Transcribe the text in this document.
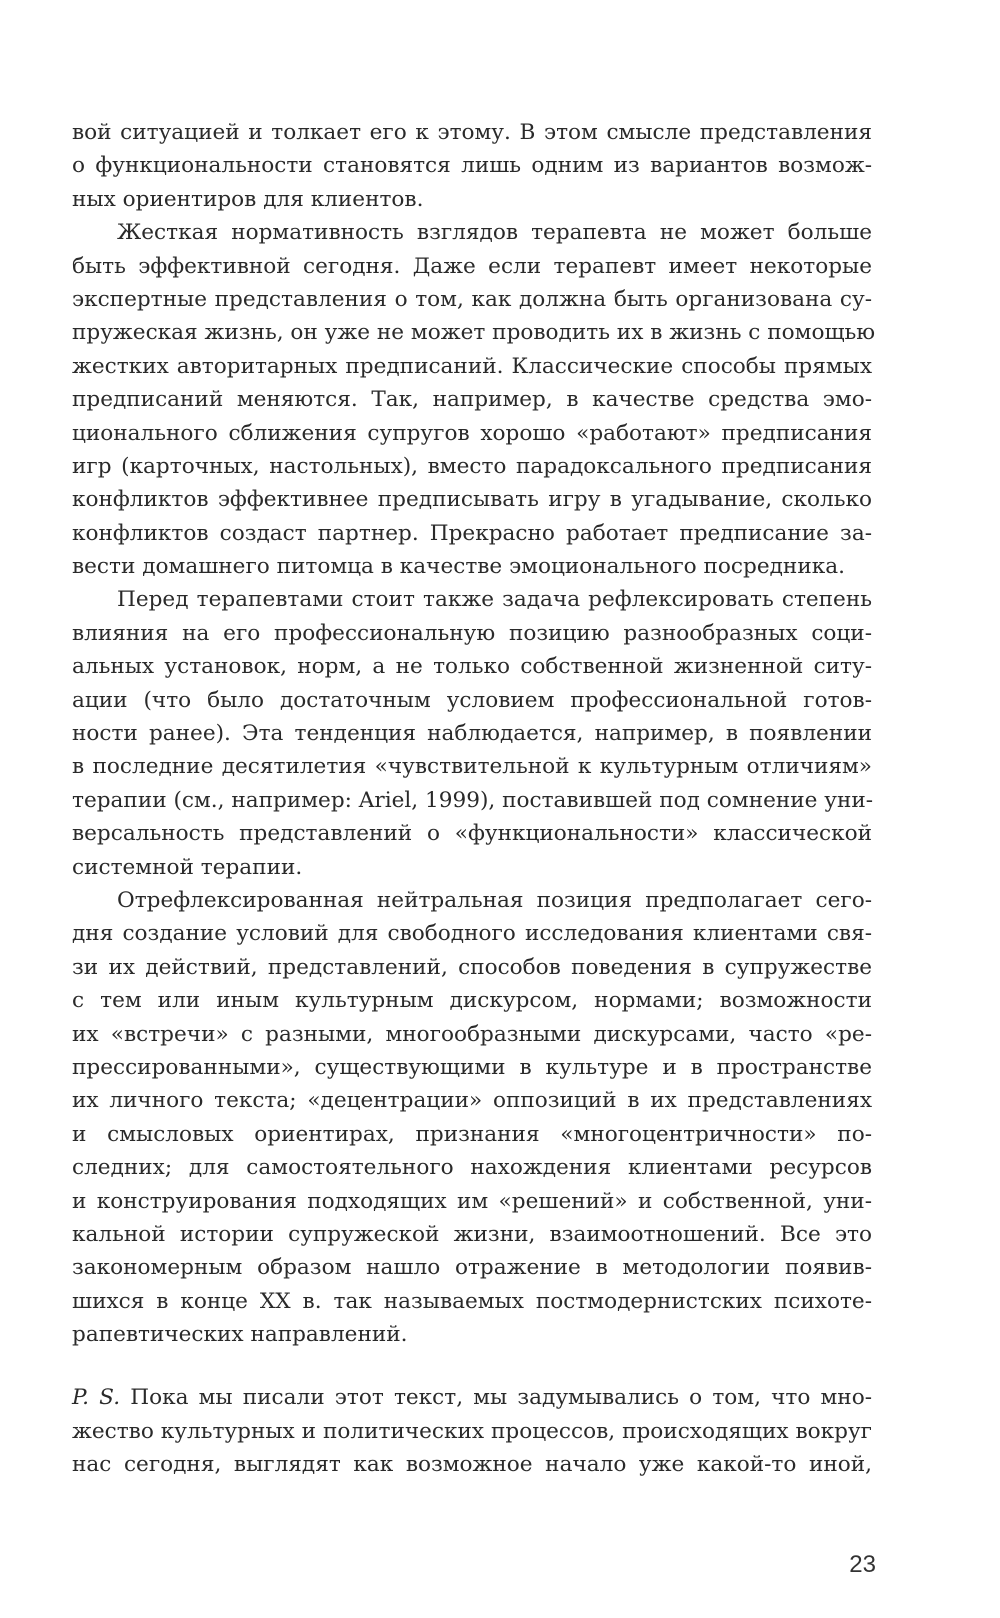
вой ситуацией и толкает его к этому. В этом смысле представления
о функциональности становятся лишь одним из вариантов возмож-
ных ориентиров для клиентов.
Жесткая нормативность взглядов терапевта не может больше
быть эффективной сегодня. Даже если терапевт имеет некоторые
экспертные представления о том, как должна быть организована су-
пружеская жизнь, он уже не может проводить их в жизнь с помощью
жестких авторитарных предписаний. Классические способы прямых
предписаний меняются. Так, например, в качестве средства эмо-
ционального сближения супругов хорошо «работают» предписания
игр (карточных, настольных), вместо парадоксального предписания
конфликтов эффективнее предписывать игру в угадывание, сколько
конфликтов создаст партнер. Прекрасно работает предписание за-
вести домашнего питомца в качестве эмоционального посредника.
Перед терапевтами стоит также задача рефлексировать степень
влияния на его профессиональную позицию разнообразных соци-
альных установок, норм, а не только собственной жизненной ситу-
ации (что было достаточным условием профессиональной готов-
ности ранее). Эта тенденция наблюдается, например, в появлении
в последние десятилетия «чувствительной к культурным отличиям»
терапии (см., например: Ariel, 1999), поставившей под сомнение уни-
версальность представлений о «функциональности» классической
системной терапии.
Отрефлексированная нейтральная позиция предполагает сего-
дня создание условий для свободного исследования клиентами свя-
зи их действий, представлений, способов поведения в супружестве
с тем или иным культурным дискурсом, нормами; возможности
их «встречи» с разными, многообразными дискурсами, часто «ре-
прессированными», существующими в культуре и в пространстве
их личного текста; «децентрации» оппозиций в их представлениях
и смысловых ориентирах, признания «многоцентричности» по-
следних; для самостоятельного нахождения клиентами ресурсов
и конструирования подходящих им «решений» и собственной, уни-
кальной истории супружеской жизни, взаимоотношений. Все это
закономерным образом нашло отражение в методологии появив-
шихся в конце XX в. так называемых постмодернистских психоте-
рапевтических направлений.
P. S. Пока мы писали этот текст, мы задумывались о том, что мно-
жество культурных и политических процессов, происходящих вокруг
нас сегодня, выглядят как возможное начало уже какой-то иной,
23
